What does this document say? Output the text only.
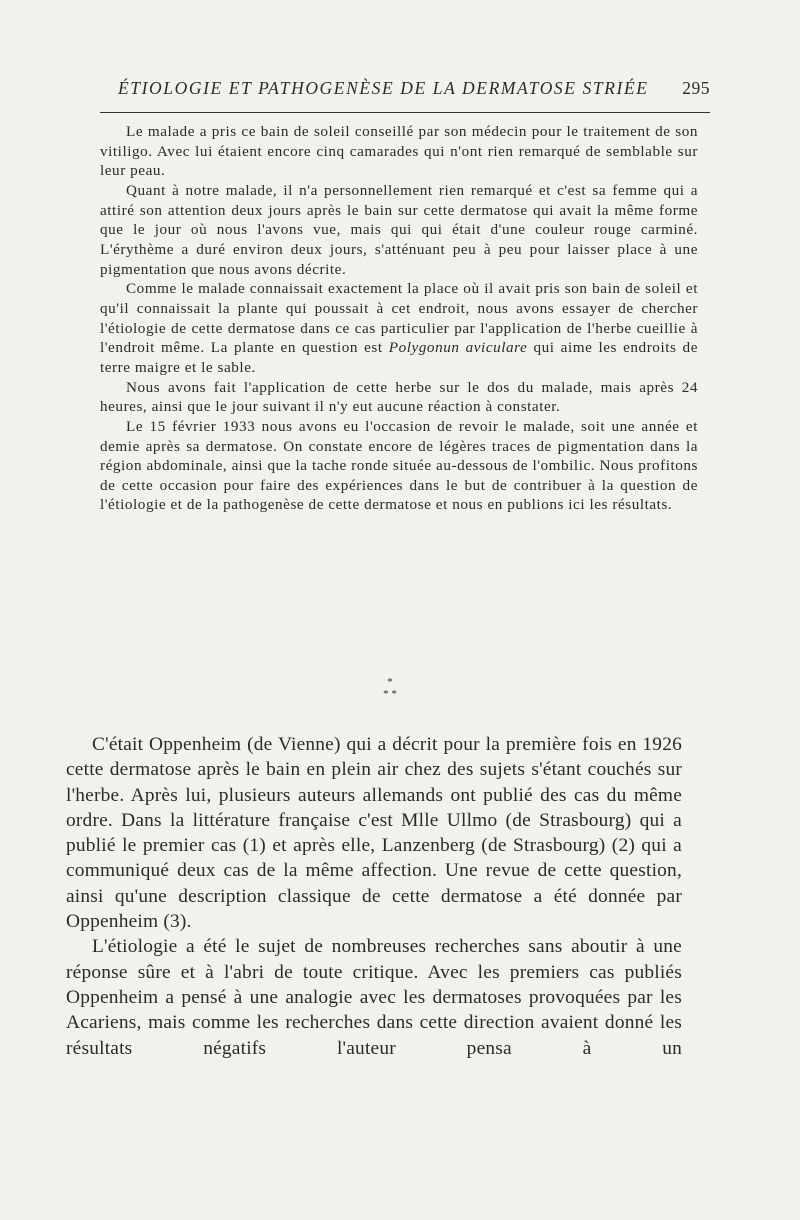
ÉTIOLOGIE ET PATHOGENÈSE DE LA DERMATOSE STRIÉE 295

Le malade a pris ce bain de soleil conseillé par son médecin pour le traitement de son vitiligo. Avec lui étaient encore cinq camarades qui n'ont rien remarqué de semblable sur leur peau.

Quant à notre malade, il n'a personnellement rien remarqué et c'est sa femme qui a attiré son attention deux jours après le bain sur cette dermatose qui avait la même forme que le jour où nous l'avons vue, mais qui qui était d'une couleur rouge carminé. L'érythème a duré environ deux jours, s'atténuant peu à peu pour laisser place à une pigmentation que nous avons décrite.

Comme le malade connaissait exactement la place où il avait pris son bain de soleil et qu'il connaissait la plante qui poussait à cet endroit, nous avons essayer de chercher l'étiologie de cette dermatose dans ce cas particulier par l'application de l'herbe cueillie à l'endroit même. La plante en question est Polygonun aviculare qui aime les endroits de terre maigre et le sable.

Nous avons fait l'application de cette herbe sur le dos du malade, mais après 24 heures, ainsi que le jour suivant il n'y eut aucune réaction à constater.

Le 15 février 1933 nous avons eu l'occasion de revoir le malade, soit une année et demie après sa dermatose. On constate encore de légères traces de pigmentation dans la région abdominale, ainsi que la tache ronde située au-dessous de l'ombilic. Nous profitons de cette occasion pour faire des expériences dans le but de contribuer à la question de l'étiologie et de la pathogenèse de cette dermatose et nous en publions ici les résultats.

*
* *

C'était Oppenheim (de Vienne) qui a décrit pour la première fois en 1926 cette dermatose après le bain en plein air chez des sujets s'étant couchés sur l'herbe. Après lui, plusieurs auteurs allemands ont publié des cas du même ordre. Dans la littérature française c'est Mlle Ullmo (de Strasbourg) qui a publié le premier cas (1) et après elle, Lanzenberg (de Strasbourg) (2) qui a communiqué deux cas de la même affection. Une revue de cette question, ainsi qu'une description classique de cette dermatose a été donnée par Oppenheim (3).

L'étiologie a été le sujet de nombreuses recherches sans aboutir à une réponse sûre et à l'abri de toute critique. Avec les premiers cas publiés Oppenheim a pensé à une analogie avec les dermatoses provoquées par les Acariens, mais comme les recherches dans cette direction avaient donné les résultats négatifs l'auteur pensa à un
